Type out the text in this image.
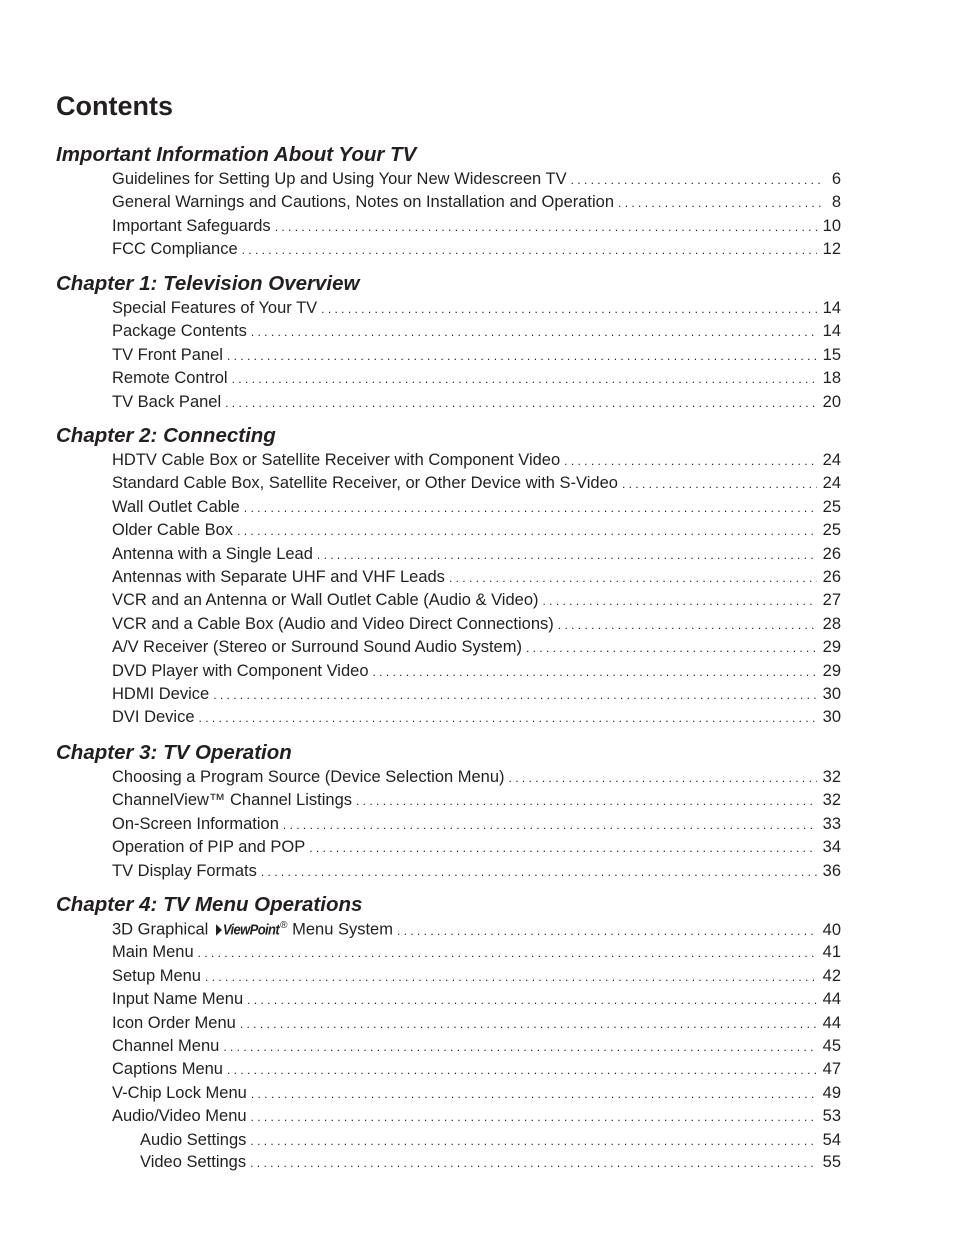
Contents
Important Information About Your TV
Guidelines for Setting Up and Using Your New Widescreen TV . . .	6
General Warnings and Cautions, Notes on Installation and Operation . . .	8
Important Safeguards . . .	10
FCC Compliance . . .	12
Chapter 1: Television Overview
Special Features of Your TV . . .	14
Package Contents . . .	14
TV Front Panel . . .	15
Remote Control . . .	18
TV Back Panel . . .	20
Chapter 2: Connecting
HDTV Cable Box or Satellite Receiver with Component Video . . .	24
Standard Cable Box, Satellite Receiver, or Other Device with S-Video . . .	24
Wall Outlet Cable . . .	25
Older Cable Box . . .	25
Antenna with a Single Lead . . .	26
Antennas with Separate UHF and VHF Leads . . .	26
VCR and an Antenna or Wall Outlet Cable (Audio & Video) . . .	27
VCR and a Cable Box (Audio and Video Direct Connections) . . .	28
A/V Receiver (Stereo or Surround Sound Audio System) . . .	29
DVD Player with Component Video . . .	29
HDMI Device . . .	30
DVI Device . . .	30
Chapter 3: TV Operation
Choosing a Program Source (Device Selection Menu) . . .	32
ChannelView™ Channel Listings . . .	32
On-Screen Information . . .	33
Operation of PIP and POP . . .	34
TV Display Formats . . .	36
Chapter 4: TV Menu Operations
3D Graphical ViewPoint ® Menu System . . .	40
Main Menu . . .	41
Setup Menu . . .	42
Input Name Menu . . .	44
Icon Order Menu . . .	44
Channel Menu . . .	45
Captions Menu . . .	47
V-Chip Lock Menu . . .	49
Audio/Video Menu . . .	53
Audio Settings . . .	54
Video Settings . . .	55
